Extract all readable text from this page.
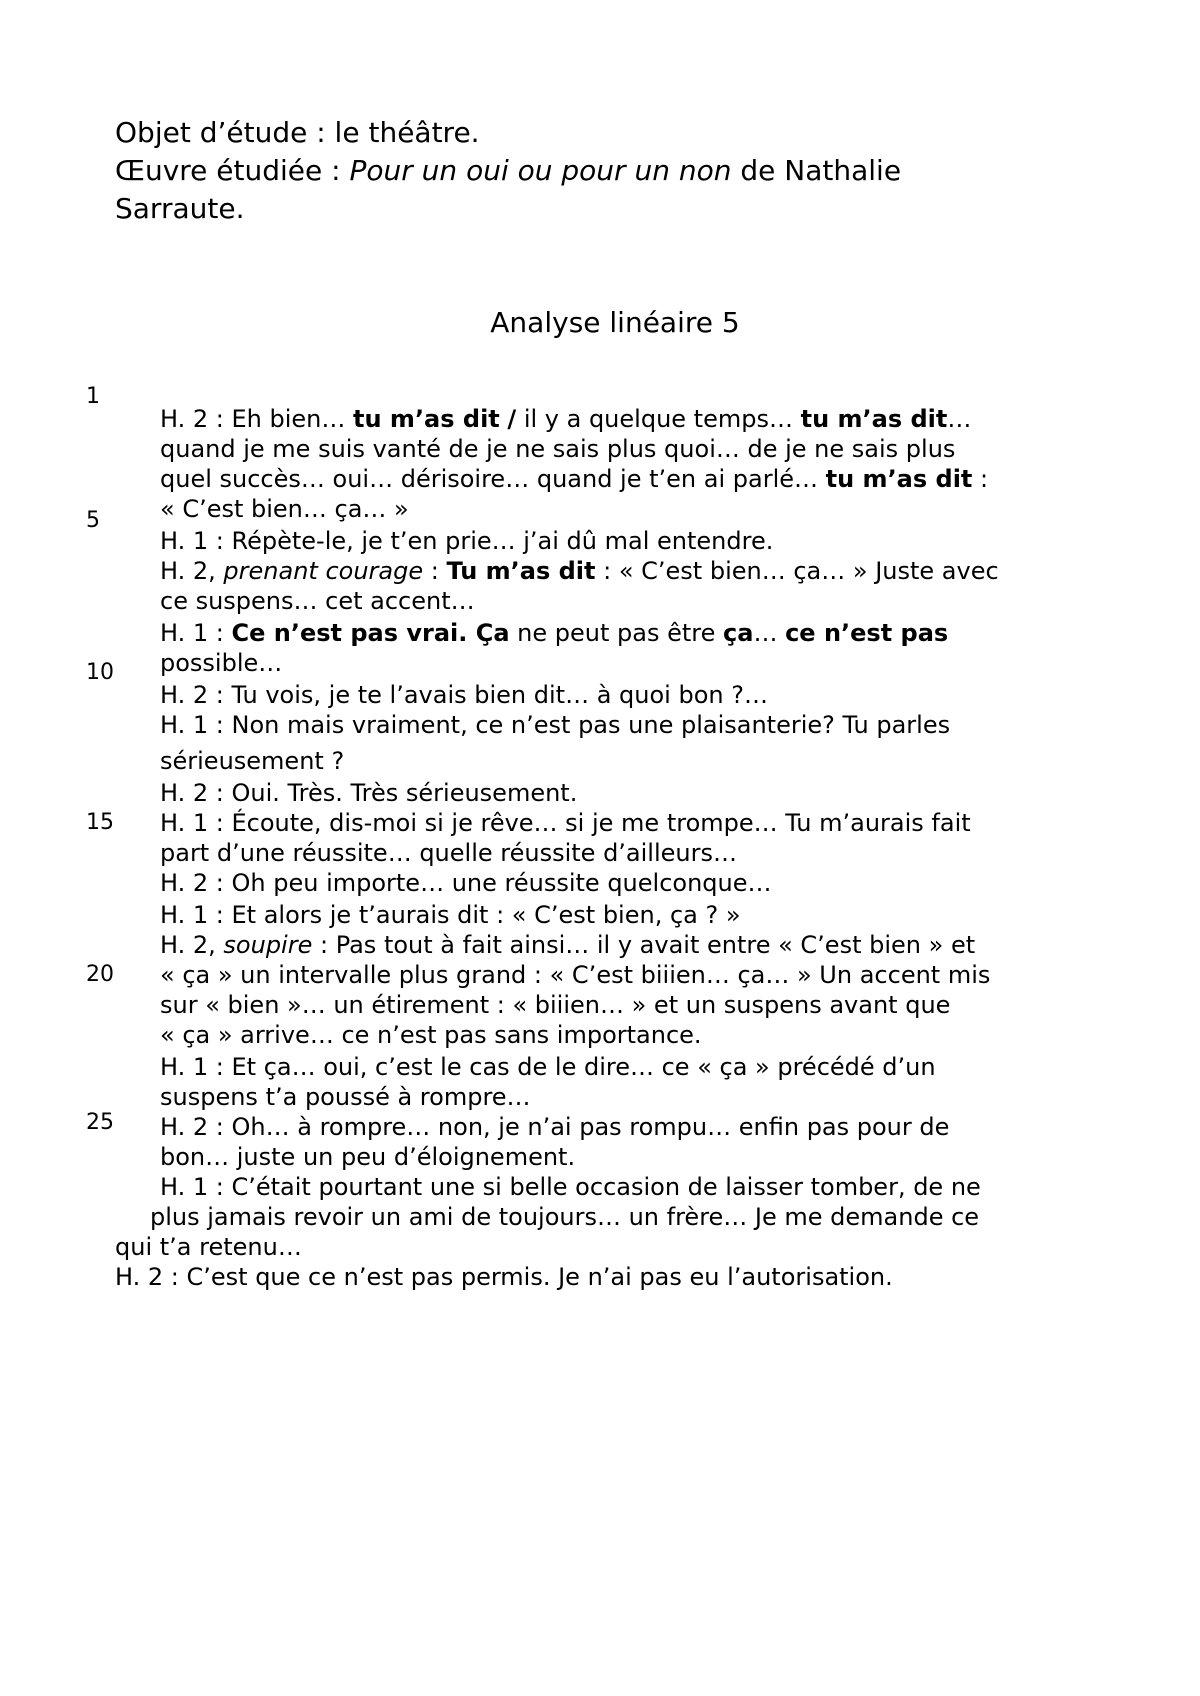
Objet d’étude : le théâtre.

Œuvre étudiée : Pour un oui ou pour un non de Nathalie

Sarraute.

Analyse linéaire 5
1
5
10
15
20
25
H. 2 : Eh bien… tu m’as dit / il y a quelque temps… tu m’as dit…
quand je me suis vanté de je ne sais plus quoi… de je ne sais plus
quel succès… oui… dérisoire… quand je t’en ai parlé… tu m’as dit :
« C’est bien… ça… »
H. 1 : Répète-le, je t’en prie… j’ai dû mal entendre.
H. 2, prenant courage : Tu m’as dit : « C’est bien… ça… » Juste avec
ce suspens… cet accent…
H. 1 : Ce n’est pas vrai. Ça ne peut pas être ça… ce n’est pas
possible…
H. 2 : Tu vois, je te l’avais bien dit… à quoi bon ?…
H. 1 : Non mais vraiment, ce n’est pas une plaisanterie? Tu parles
sérieusement ?
H. 2 : Oui. Très. Très sérieusement.
H. 1 : Écoute, dis-moi si je rêve… si je me trompe… Tu m’aurais fait
part d’une réussite… quelle réussite d’ailleurs…
H. 2 : Oh peu importe… une réussite quelconque…
H. 1 : Et alors je t’aurais dit : « C’est bien, ça ? »
H. 2, soupire : Pas tout à fait ainsi… il y avait entre « C’est bien » et
« ça » un intervalle plus grand : « C’est biiien… ça… » Un accent mis
sur « bien »… un étirement : « biiien… » et un suspens avant que
« ça » arrive… ce n’est pas sans importance.
H. 1 : Et ça… oui, c’est le cas de le dire… ce « ça » précédé d’un
suspens t’a poussé à rompre…
H. 2 : Oh… à rompre… non, je n’ai pas rompu… enfin pas pour de
bon… juste un peu d’éloignement.
H. 1 : C’était pourtant une si belle occasion de laisser tomber, de ne
plus jamais revoir un ami de toujours… un frère… Je me demande ce
qui t’a retenu…
H. 2 : C’est que ce n’est pas permis. Je n’ai pas eu l’autorisation.
